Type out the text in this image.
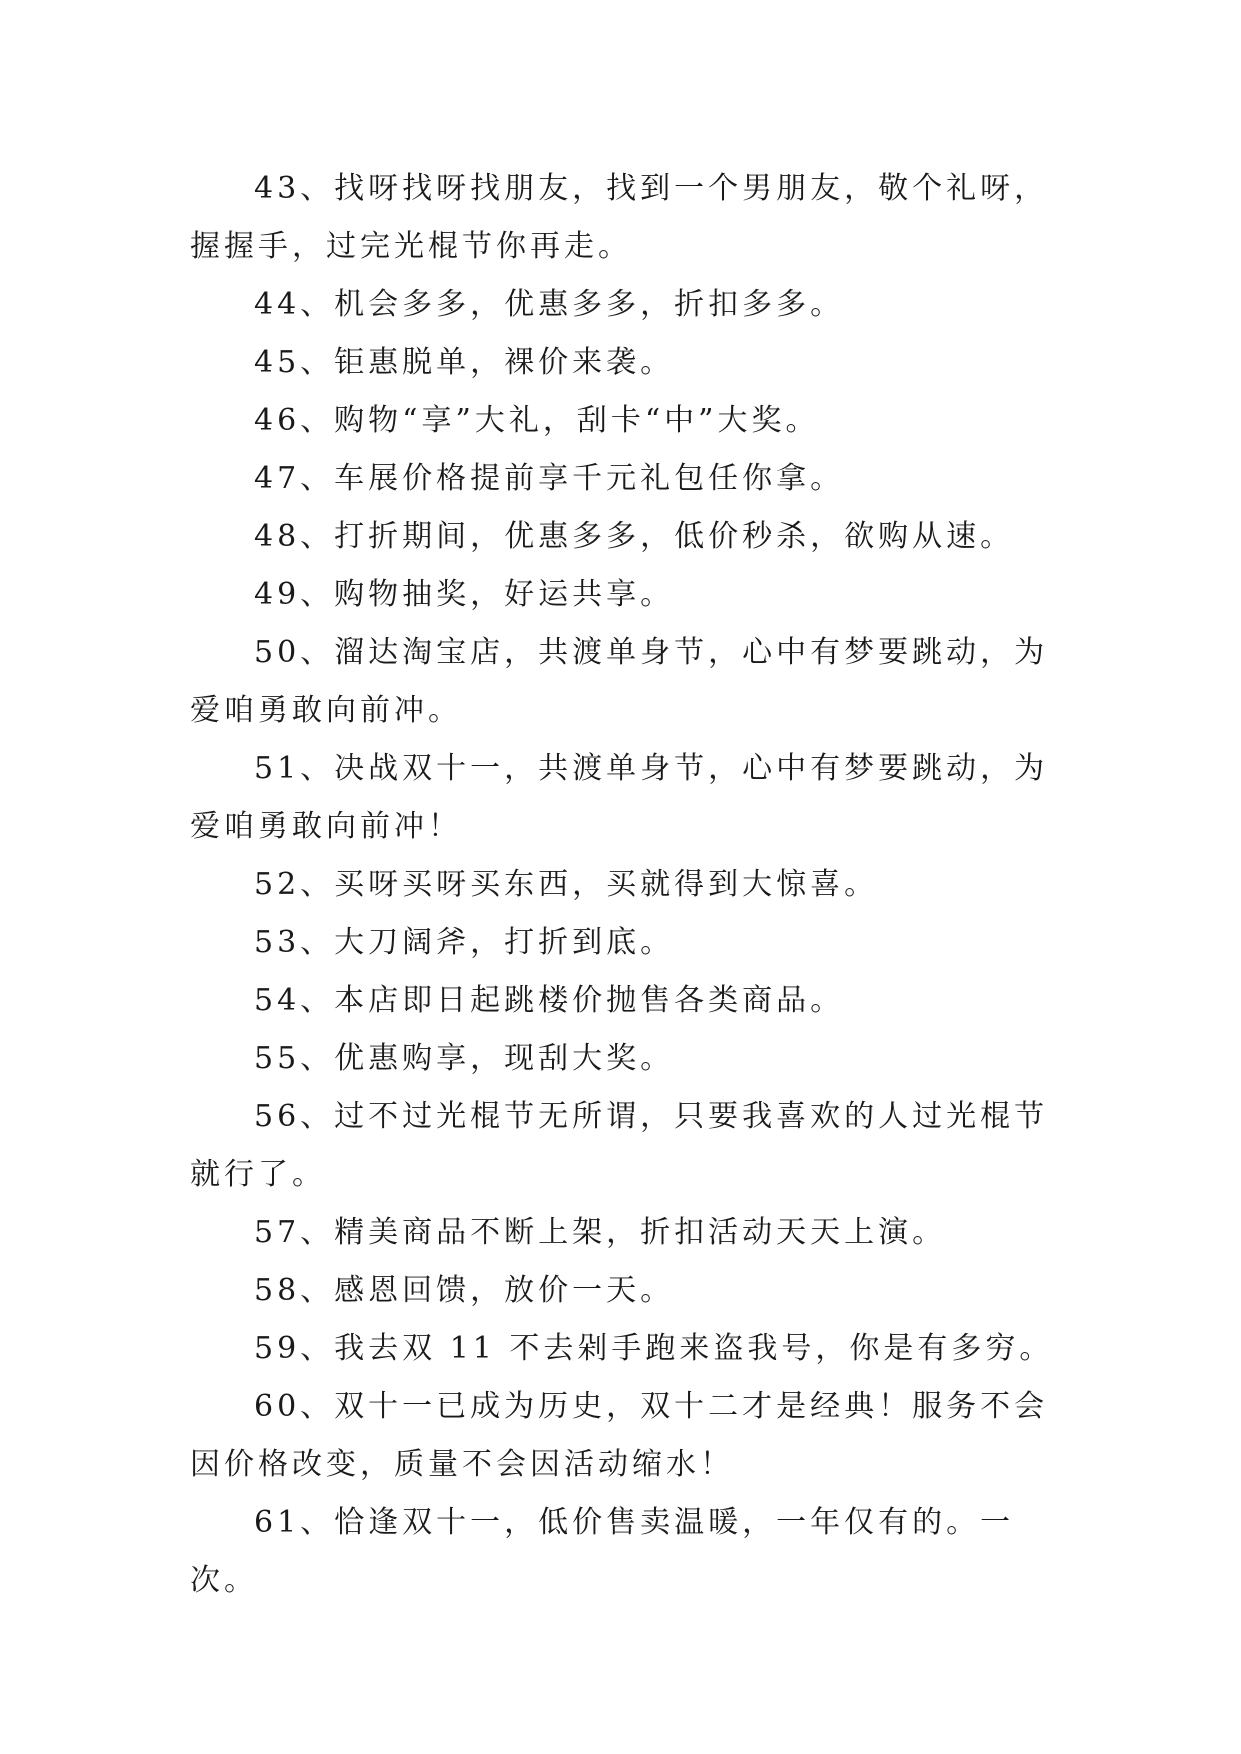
43、找呀找呀找朋友，找到一个男朋友，敬个礼呀，握握手，过完光棍节你再走。

44、机会多多，优惠多多，折扣多多。

45、钜惠脱单，裸价来袭。

46、购物“享”大礼，刮卡“中”大奖。

47、车展价格提前享千元礼包任你拿。

48、打折期间，优惠多多，低价秒杀，欲购从速。

49、购物抽奖，好运共享。

50、溜达淘宝店，共渡单身节，心中有梦要跳动，为爱咱勇敢向前冲。

51、决战双十一，共渡单身节，心中有梦要跳动，为爱咱勇敢向前冲！

52、买呀买呀买东西，买就得到大惊喜。

53、大刀阔斧，打折到底。

54、本店即日起跳楼价抛售各类商品。

55、优惠购享，现刮大奖。

56、过不过光棍节无所谓，只要我喜欢的人过光棍节就行了。

57、精美商品不断上架，折扣活动天天上演。

58、感恩回馈，放价一天。

59、我去双 11 不去剁手跑来盗我号，你是有多穷。

60、双十一已成为历史，双十二才是经典！服务不会因价格改变，质量不会因活动缩水！

61、恰逢双十一，低价售卖温暖，一年仅有的。一次。
